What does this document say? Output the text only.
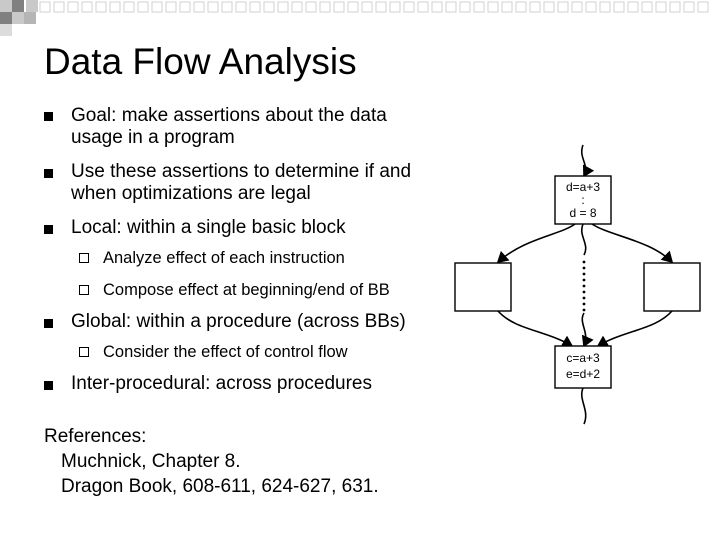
Data Flow Analysis
Goal: make assertions about the data
usage in a program
Use these assertions to determine if and
when optimizations are legal
Local: within a single basic block
Analyze effect of each instruction
Compose effect at beginning/end of BB
Global: within a procedure (across BBs)
Consider the effect of control flow
Inter-procedural: across procedures
References:
Muchnick, Chapter 8.
Dragon Book, 608-611, 624-627, 631.
d=a+3
:
d = 8
c=a+3
e=d+2
